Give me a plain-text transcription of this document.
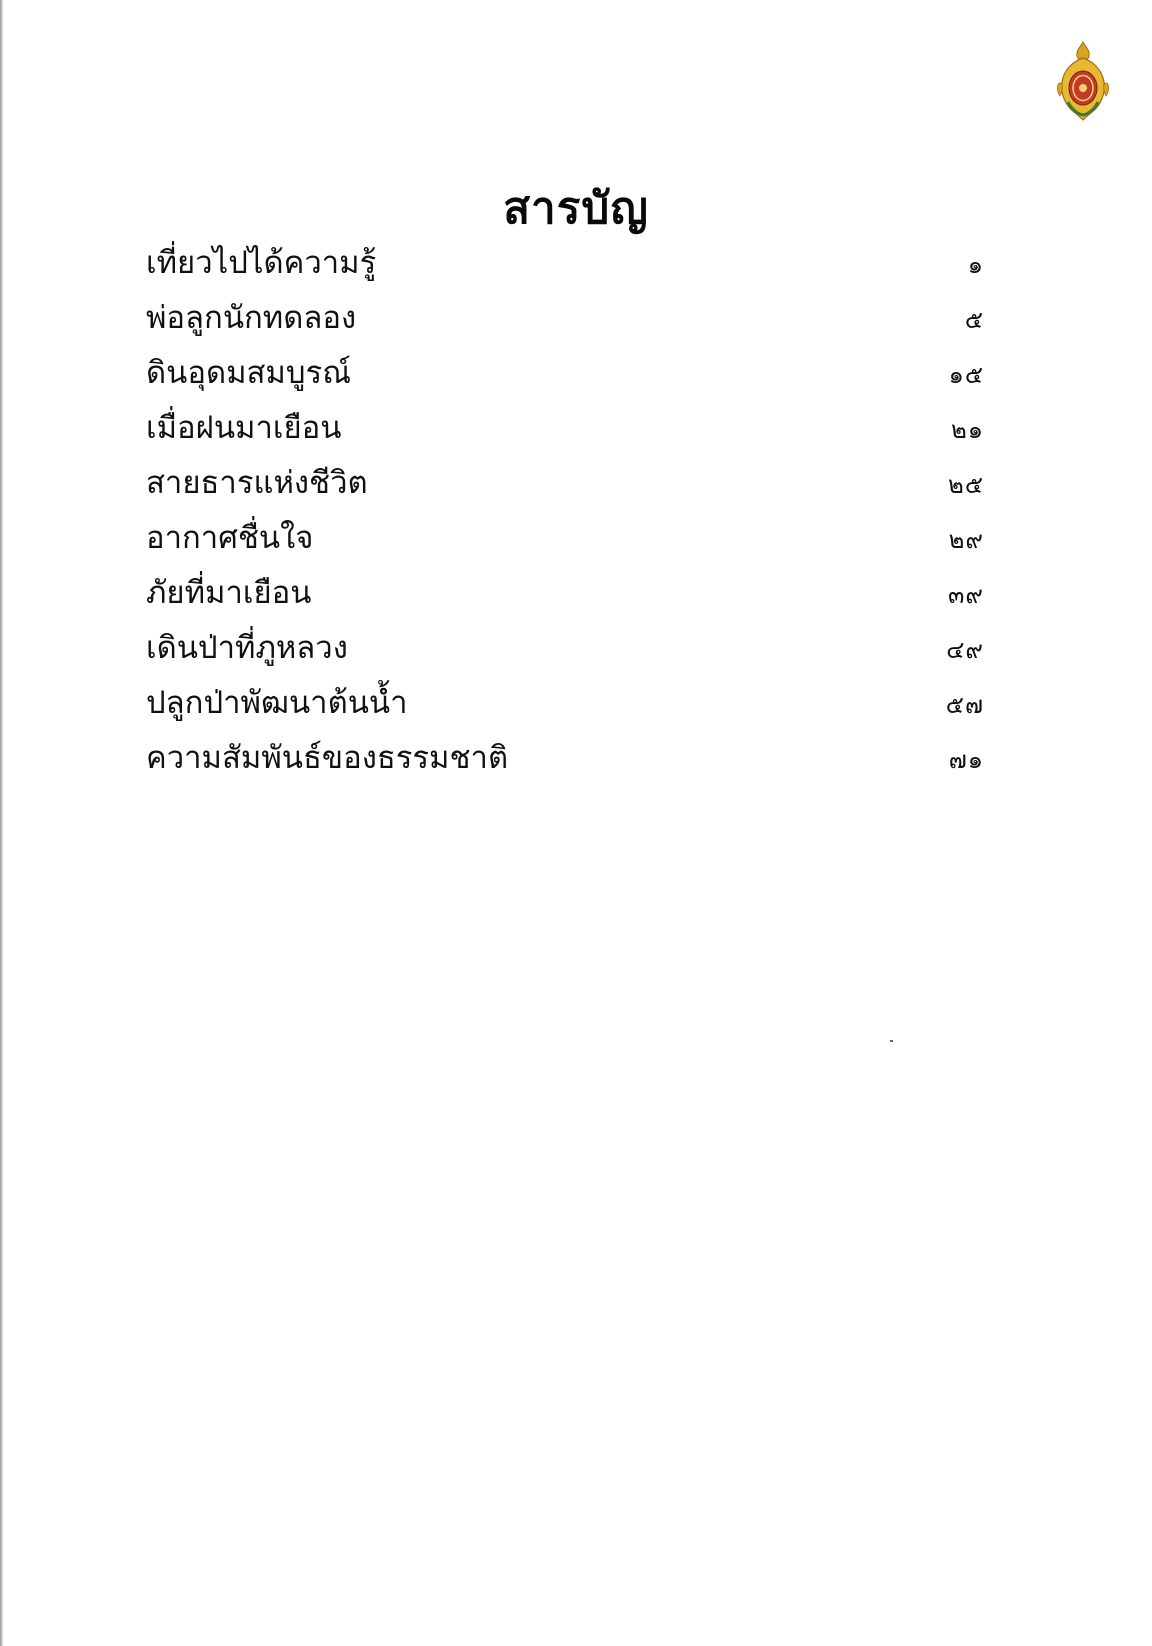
สารบัญ
เที่ยวไปได้ความรู้	๑
พ่อลูกนักทดลอง	๕
ดินอุดมสมบูรณ์	๑๕
เมื่อฝนมาเยือน	๒๑
สายธารแห่งชีวิต	๒๕
อากาศชื่นใจ	๒๙
ภัยที่มาเยือน	๓๙
เดินป่าที่ภูหลวง	๔๙
ปลูกป่าพัฒนาต้นน้ำ	๕๗
ความสัมพันธ์ของธรรมชาติ	๗๑
